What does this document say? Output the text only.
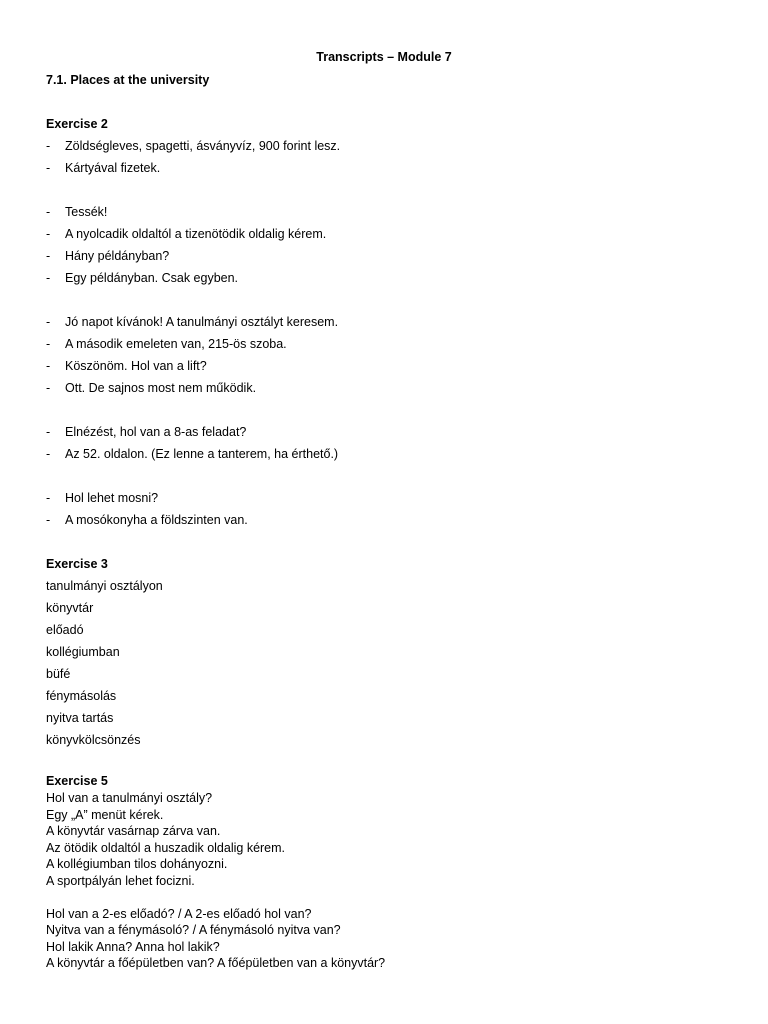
Transcripts – Module 7
7.1. Places at the university
Exercise 2
-	Zöldségleves, spagetti, ásványvíz, 900 forint lesz.
-	Kártyával fizetek.
-	Tessék!
-	A nyolcadik oldaltól a tizenötödik oldalig kérem.
-	Hány példányban?
-	Egy példányban. Csak egyben.
-	Jó napot kívánok! A tanulmányi osztályt keresem.
-	A második emeleten van, 215-ös szoba.
-	Köszönöm. Hol van a lift?
-	Ott. De sajnos most nem működik.
-	Elnézést, hol van a 8-as feladat?
-	Az 52. oldalon. (Ez lenne a tanterem, ha érthető.)
-	Hol lehet mosni?
-	A mosókonyha a földszinten van.
Exercise 3
tanulmányi osztályon
könyvtár
előadó
kollégiumban
büfé
fénymásolás
nyitva tartás
könyvkölcsönzés
Exercise 5
Hol van a tanulmányi osztály?
Egy „A” menüt kérek.
A könyvtár vasárnap zárva van.
Az ötödik oldaltól a huszadik oldalig kérem.
A kollégiumban tilos dohányozni.
A sportpályán lehet focizni.
Hol van a 2-es előadó? / A 2-es előadó hol van?
Nyitva van a fénymásoló? / A fénymásoló nyitva van?
Hol lakik Anna? Anna hol lakik?
A könyvtár a főépületben van? A főépületben van a könyvtár?
